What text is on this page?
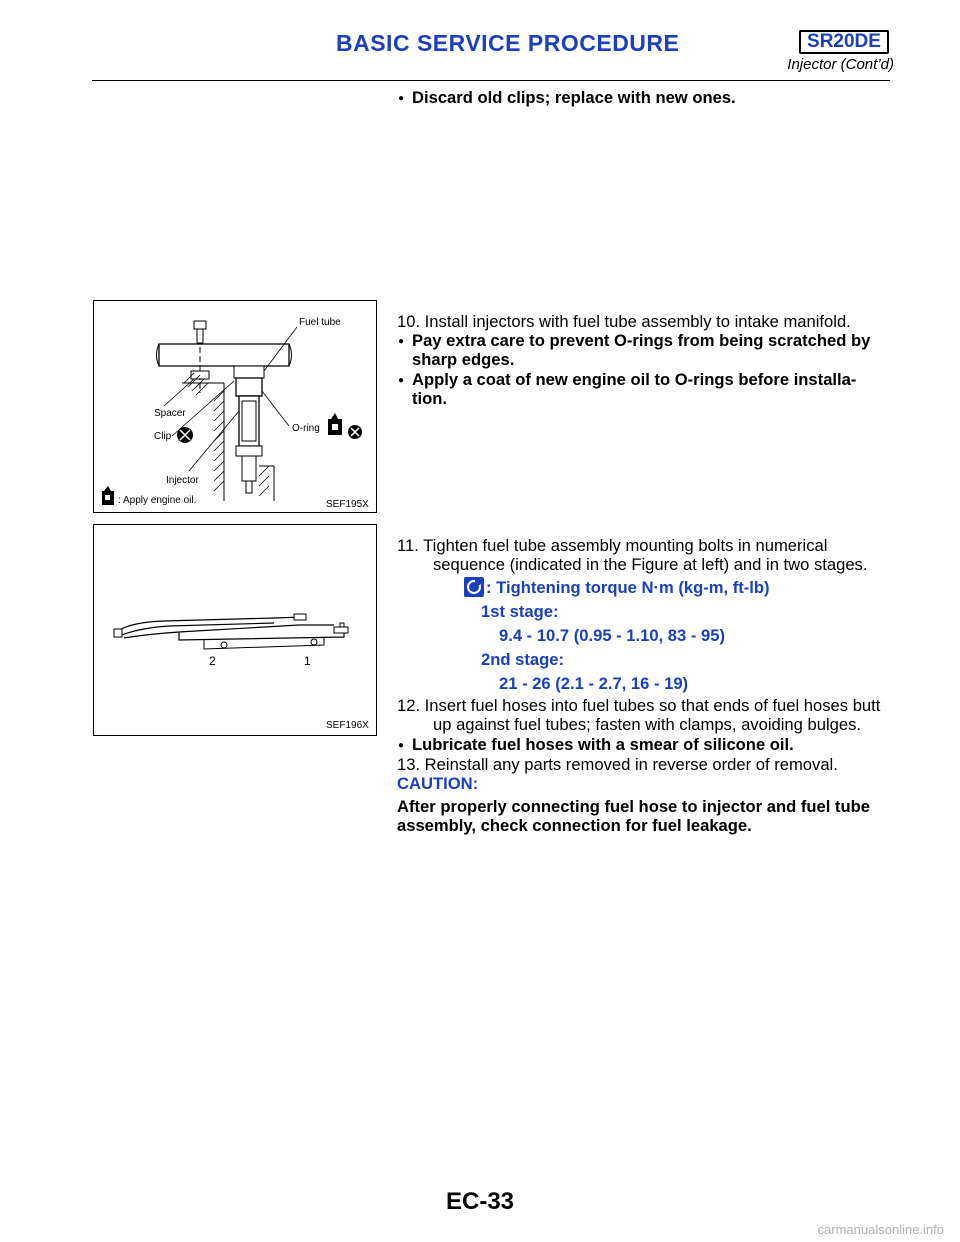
BASIC SERVICE PROCEDURE	SR20DE
Injector (Cont’d)
● Discard old clips; replace with new ones.
Fuel tube
O-ring
Spacer
Clip
Injector
: Apply engine oil.	SEF195X
10. Install injectors with fuel tube assembly to intake manifold.
● Pay extra care to prevent O-rings from being scratched by
sharp edges.
● Apply a coat of new engine oil to O-rings before installa-
tion.
2	1
SEF196X
11. Tighten fuel tube assembly mounting bolts in numerical
sequence (indicated in the Figure at left) and in two stages.
: Tightening torque N·m (kg-m, ft-lb)
1st stage:
9.4 - 10.7 (0.95 - 1.10, 83 - 95)
2nd stage:
21 - 26 (2.1 - 2.7, 16 - 19)
12. Insert fuel hoses into fuel tubes so that ends of fuel hoses butt
up against fuel tubes; fasten with clamps, avoiding bulges.
● Lubricate fuel hoses with a smear of silicone oil.
13. Reinstall any parts removed in reverse order of removal.
CAUTION:
After properly connecting fuel hose to injector and fuel tube
assembly, check connection for fuel leakage.
EC-33
carmanualsonline.info
